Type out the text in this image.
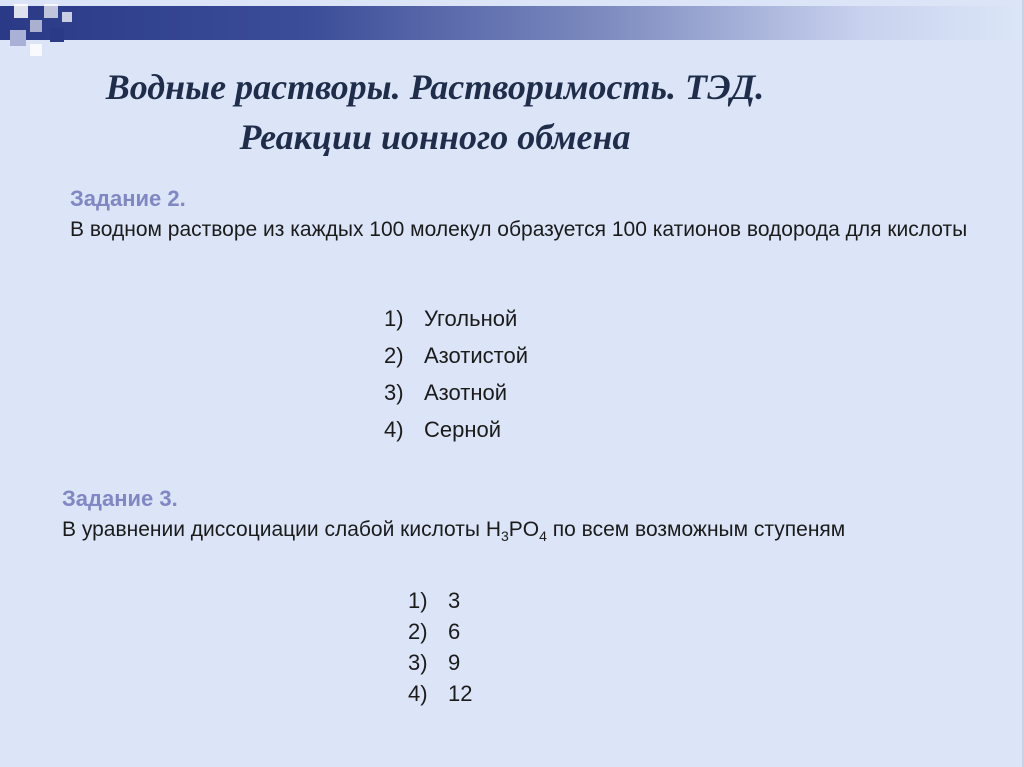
Водные растворы. Растворимость. ТЭД.
Реакции ионного обмена
Задание 2.
В водном растворе из каждых 100 молекул образуется 100 катионов водорода для кислоты
1) Угольной
2) Азотистой
3) Азотной
4) Серной
Задание 3.
В уравнении диссоциации слабой кислоты $H_3PO_4$ по всем возможным ступеням
1) 3
2) 6
3) 9
4) 12
